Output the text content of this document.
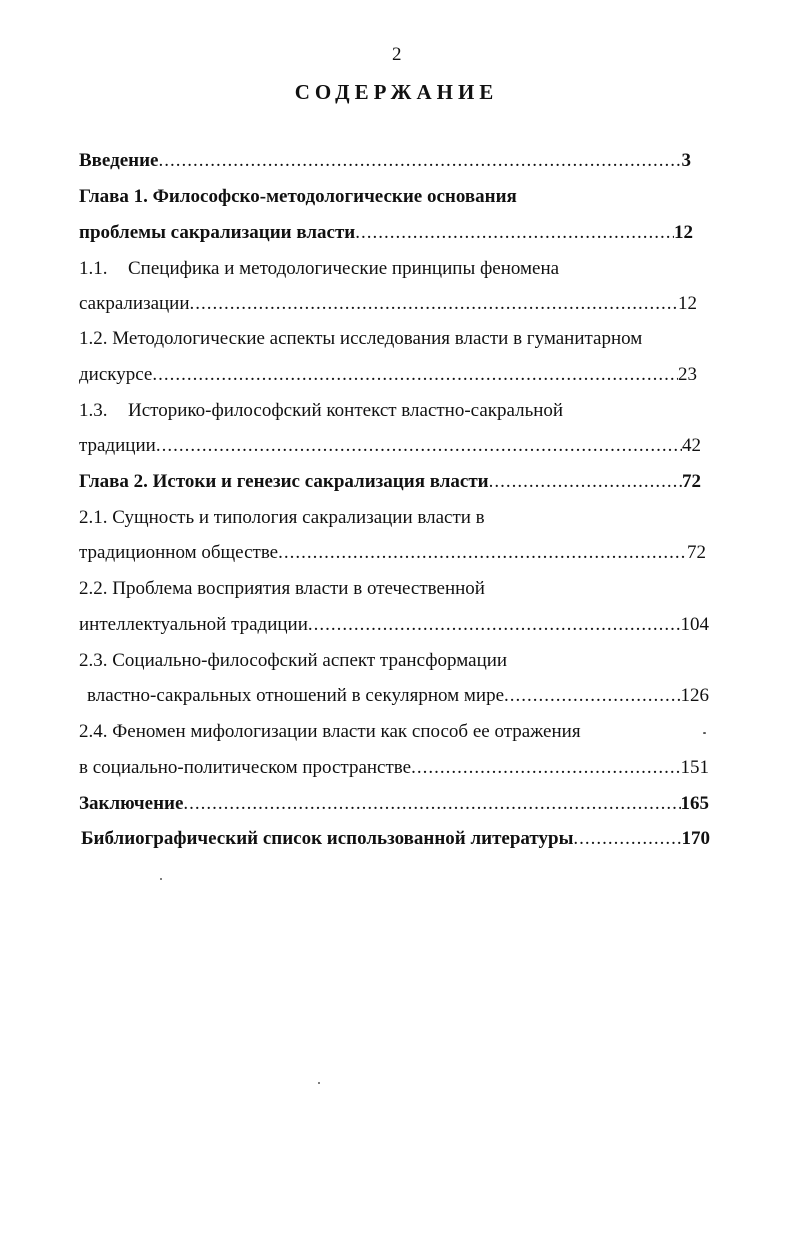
2
СОДЕРЖАНИЕ
Введение .....	3
Глава 1. Философско-методологические основания
проблемы сакрализации власти .....	12
1.1.	Специфика и методологические принципы феномена
сакрализации .....	12
1.2. Методологические аспекты исследования власти в гуманитарном
дискурсе .....	23
1.3.	Историко-философский контекст властно-сакральной
традиции .....	42
Глава 2. Истоки и генезис сакрализация власти .....	72
2.1. Сущность и типология сакрализации власти в
традиционном обществе .....	72
2.2. Проблема восприятия власти в отечественной
интеллектуальной традиции .....	104
2.3. Социально-философский аспект трансформации
властно-сакральных отношений в секулярном мире .....	126
2.4. Феномен мифологизации власти как способ ее отражения
в социально-политическом пространстве .....	151
Заключение .....	165
Библиографический список использованной литературы .....	170
